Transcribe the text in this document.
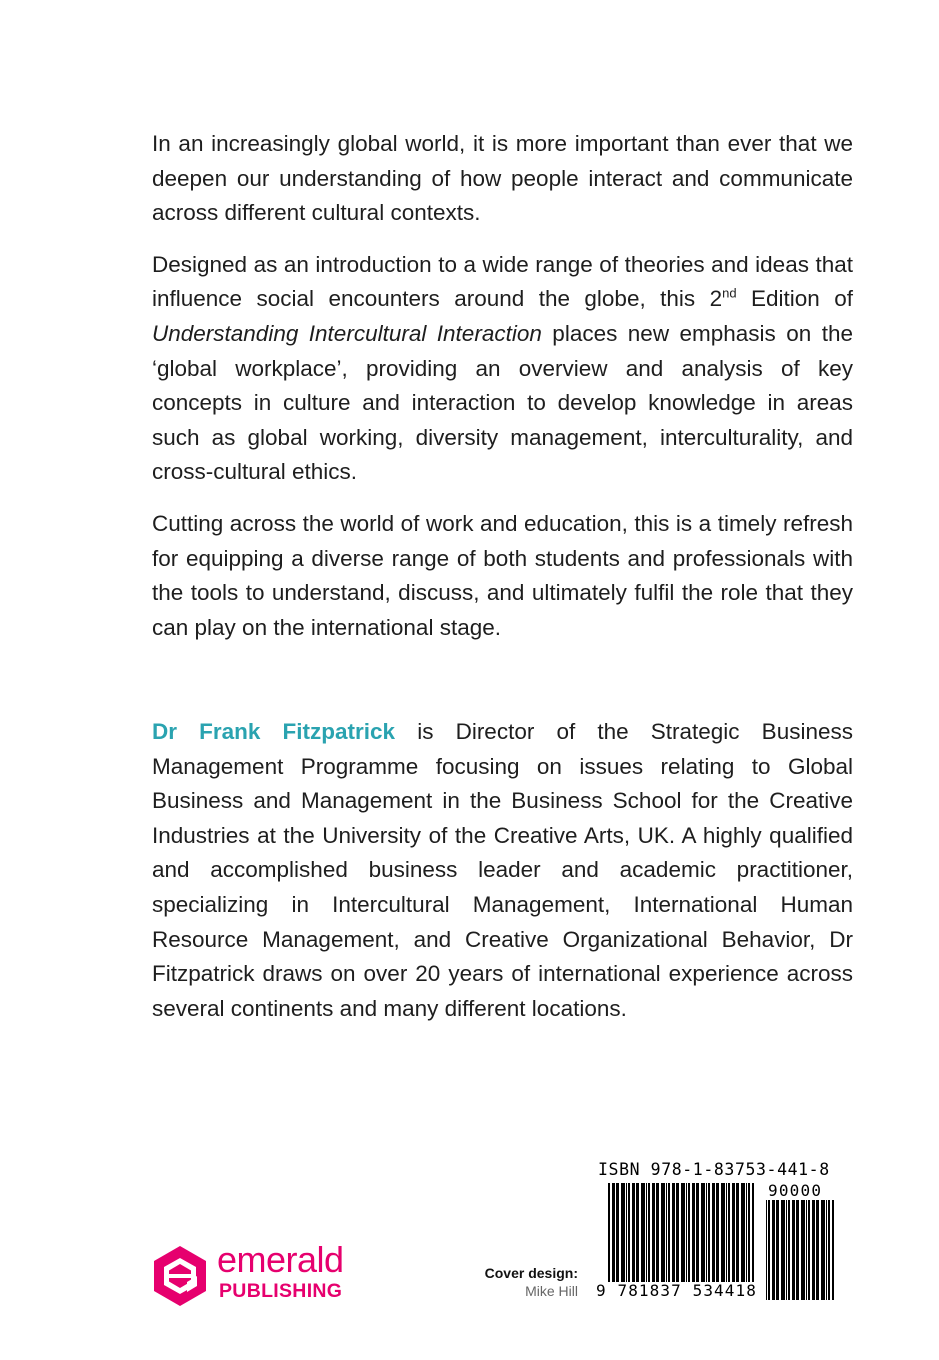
In an increasingly global world, it is more important than ever that we deepen our understanding of how people interact and communicate across different cultural contexts.

Designed as an introduction to a wide range of theories and ideas that influence social encounters around the globe, this 2nd Edition of Understanding Intercultural Interaction places new emphasis on the ‘global workplace’, providing an overview and analysis of key concepts in culture and interaction to develop knowledge in areas such as global working, diversity management, interculturality, and cross-cultural ethics.

Cutting across the world of work and education, this is a timely refresh for equipping a diverse range of both students and professionals with the tools to understand, discuss, and ultimately fulfil the role that they can play on the international stage.

Dr Frank Fitzpatrick is Director of the Strategic Business Management Programme focusing on issues relating to Global Business and Management in the Business School for the Creative Industries at the University of the Creative Arts, UK. A highly qualified and accomplished business leader and academic practitioner, specializing in Intercultural Management, International Human Resource Management, and Creative Organizational Behavior, Dr Fitzpatrick draws on over 20 years of international experience across several continents and many different locations.

emerald
PUBLISHING
Cover design:
Mike Hill
ISBN 978-1-83753-441-8
90000
9 781837 534418
